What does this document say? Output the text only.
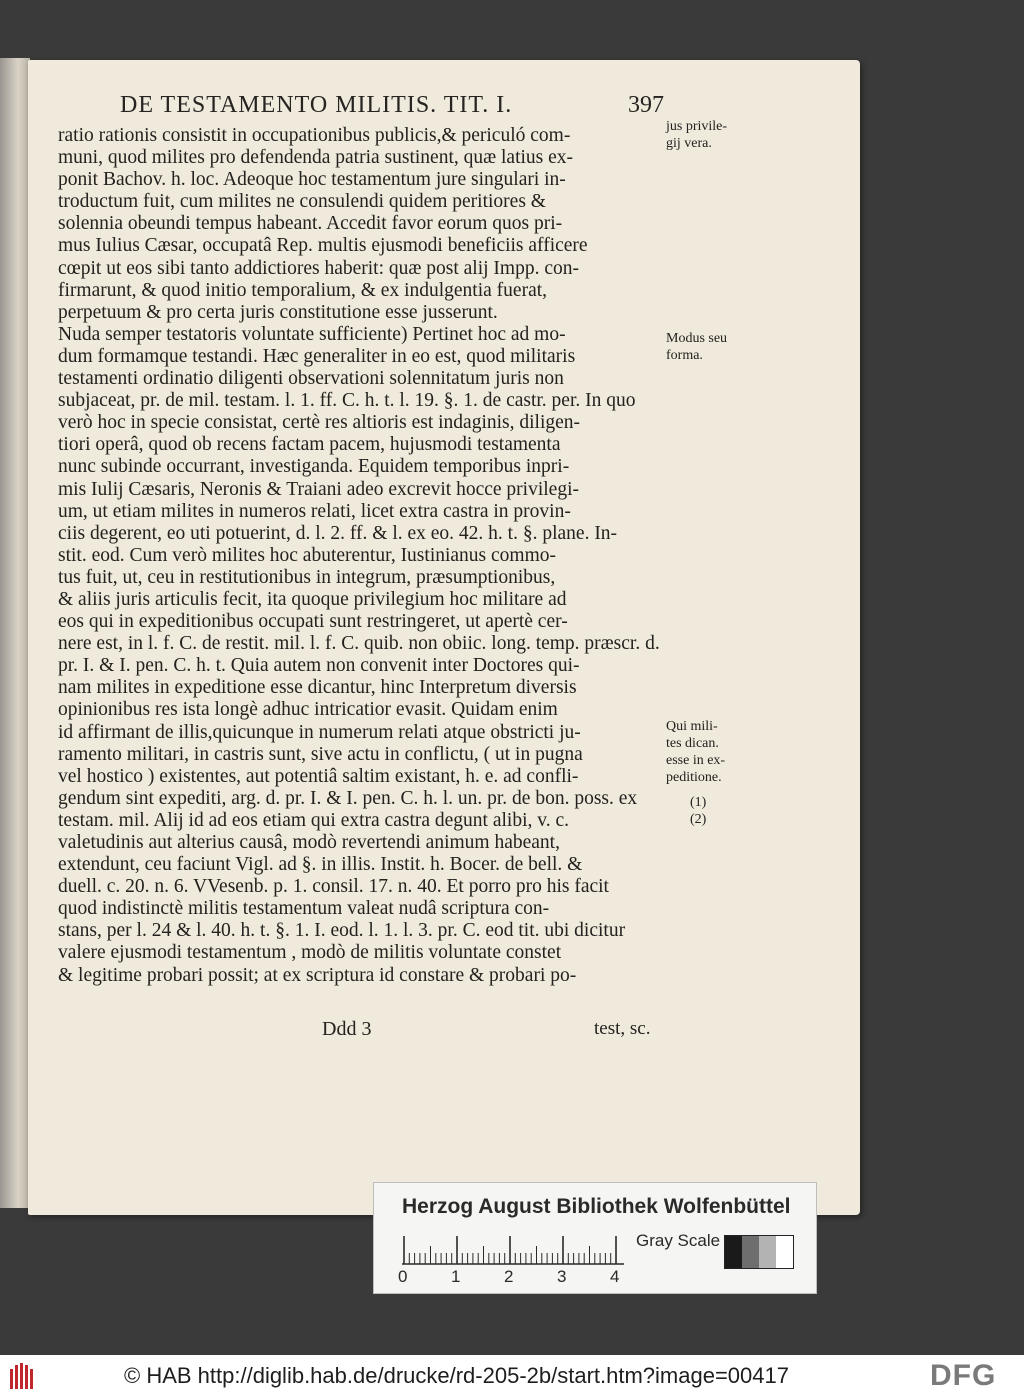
DE TESTAMENTO MILITIS. TIT. I.	397
ratio rationis consistit in occupationibus publicis,& periculó com-
muni, quod milites pro defendenda patria sustinent, quæ latius ex-
ponit Bachov. h. loc. Adeoque hoc testamentum jure singulari in-
troductum fuit, cum milites ne consulendi quidem peritiores &
solennia obeundi tempus habeant. Accedit favor eorum quos pri-
mus Iulius Cæsar, occupatâ Rep. multis ejusmodi beneficiis afficere
cœpit ut eos sibi tanto addictiores haberit: quæ post alij Impp. con-
firmarunt, & quod initio temporalium, & ex indulgentia fuerat,
perpetuum & pro certa juris constitutione esse jusserunt.
Nuda semper testatoris voluntate sufficiente) Pertinet hoc ad mo-
dum formamque testandi. Hæc generaliter in eo est, quod militaris
testamenti ordinatio diligenti observationi solennitatum juris non
subjaceat, pr. de mil. testam. l. 1. ff. C. h. t. l. 19. §. 1. de castr. per. In quo
verò hoc in specie consistat, certè res altioris est indaginis, diligen-
tiori operâ, quod ob recens factam pacem, hujusmodi testamenta
nunc subinde occurrant, investiganda. Equidem temporibus inpri-
mis Iulij Cæsaris, Neronis & Traiani adeo excrevit hocce privilegi-
um, ut etiam milites in numeros relati, licet extra castra in provin-
ciis degerent, eo uti potuerint, d. l. 2. ff. & l. ex eo. 42. h. t. §. plane. In-
stit. eod. Cum verò milites hoc abuterentur, Iustinianus commo-
tus fuit, ut, ceu in restitutionibus in integrum, præsumptionibus,
& aliis juris articulis fecit, ita quoque privilegium hoc militare ad
eos qui in expeditionibus occupati sunt restringeret, ut apertè cer-
nere est, in l. f. C. de restit. mil. l. f. C. quib. non obiic. long. temp. præscr. d.
pr. I. & I. pen. C. h. t. Quia autem non convenit inter Doctores qui-
nam milites in expeditione esse dicantur, hinc Interpretum diversis
opinionibus res ista longè adhuc intricatior evasit. Quidam enim
id affirmant de illis,quicunque in numerum relati atque obstricti ju-
ramento militari, in castris sunt, sive actu in conflictu, ( ut in pugna
vel hostico ) existentes, aut potentiâ saltim existant, h. e. ad confli-
gendum sint expediti, arg. d. pr. I. & I. pen. C. h. l. un. pr. de bon. poss. ex
testam. mil. Alij id ad eos etiam qui extra castra degunt alibi, v. c.
valetudinis aut alterius causâ, modò revertendi animum habeant,
extendunt, ceu faciunt Vigl. ad §. in illis. Instit. h. Bocer. de bell. &
duell. c. 20. n. 6. VVesenb. p. 1. consil. 17. n. 40. Et porro pro his facit
quod indistinctè militis testamentum valeat nudâ scriptura con-
stans, per l. 24 & l. 40. h. t. §. 1. I. eod. l. 1. l. 3. pr. C. eod tit. ubi dicitur
valere ejusmodi testamentum , modò de militis voluntate constet
& legitime probari possit; at ex scriptura id constare & probari po-
jus privile-
gij vera.
Modus seu
forma.
Qui mili-
tes dican.
esse in ex-
peditione.
(1)
(2)
Ddd 3	test, sc.
Herzog August Bibliothek Wolfenbüttel
Gray Scale
0	1	2	3	4
© HAB http://diglib.hab.de/drucke/rd-205-2b/start.htm?image=00417	DFG
